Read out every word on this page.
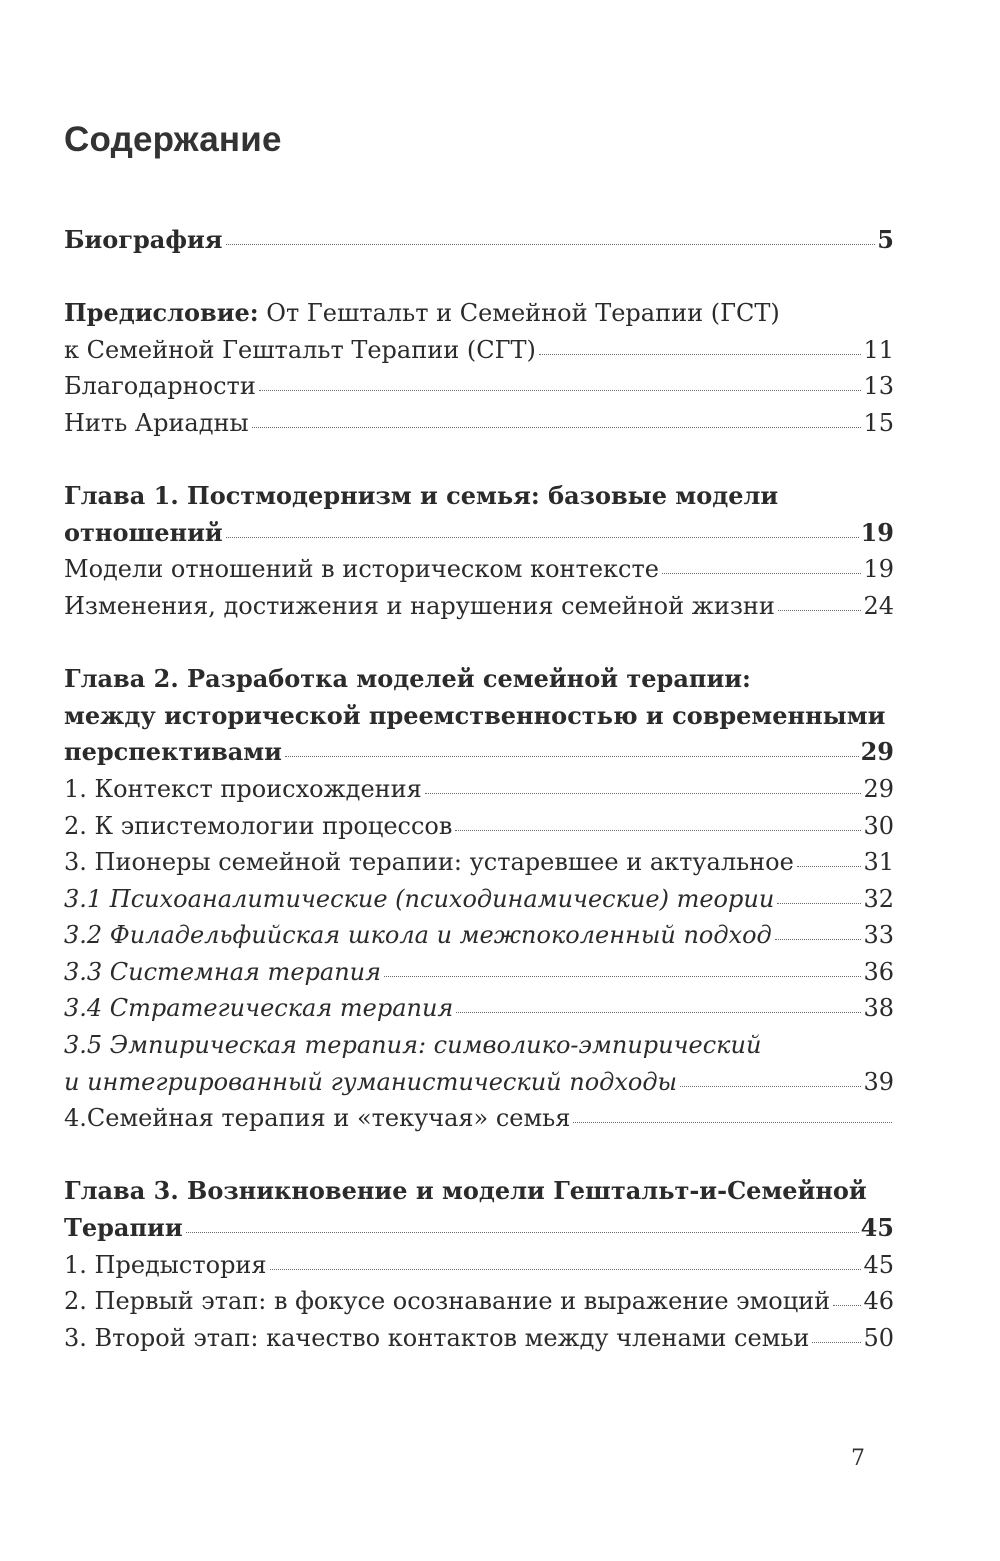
Содержание
Биография	5
Предисловие: От Гештальт и Семейной Терапии (ГСТ)
к Семейной Гештальт Терапии (СГТ)	11
Благодарности	13
Нить Ариадны	15
Глава 1. Постмодернизм и семья: базовые модели
отношений	19
Модели отношений в историческом контексте	19
Изменения, достижения и нарушения семейной жизни	24
Глава 2. Разработка моделей семейной терапии:
между исторической преемственностью и современными
перспективами	29
1. Контекст происхождения	29
2. К эпистемологии процессов	30
3. Пионеры семейной терапии: устаревшее и актуальное	31
3.1 Психоаналитические (психодинамические) теории	32
3.2 Филадельфийская школа и межпоколенный подход	33
3.3 Системная терапия	36
3.4 Стратегическая терапия	38
3.5 Эмпирическая терапия: символико-эмпирический
и интегрированный гуманистический подходы	39
4.Семейная терапия и «текучая» семья
Глава 3. Возникновение и модели Гештальт-и-Семейной
Терапии	45
1. Предыстория	45
2. Первый этап: в фокусе осознавание и выражение эмоций 46
3. Второй этап: качество контактов между членами семьи 50
7
